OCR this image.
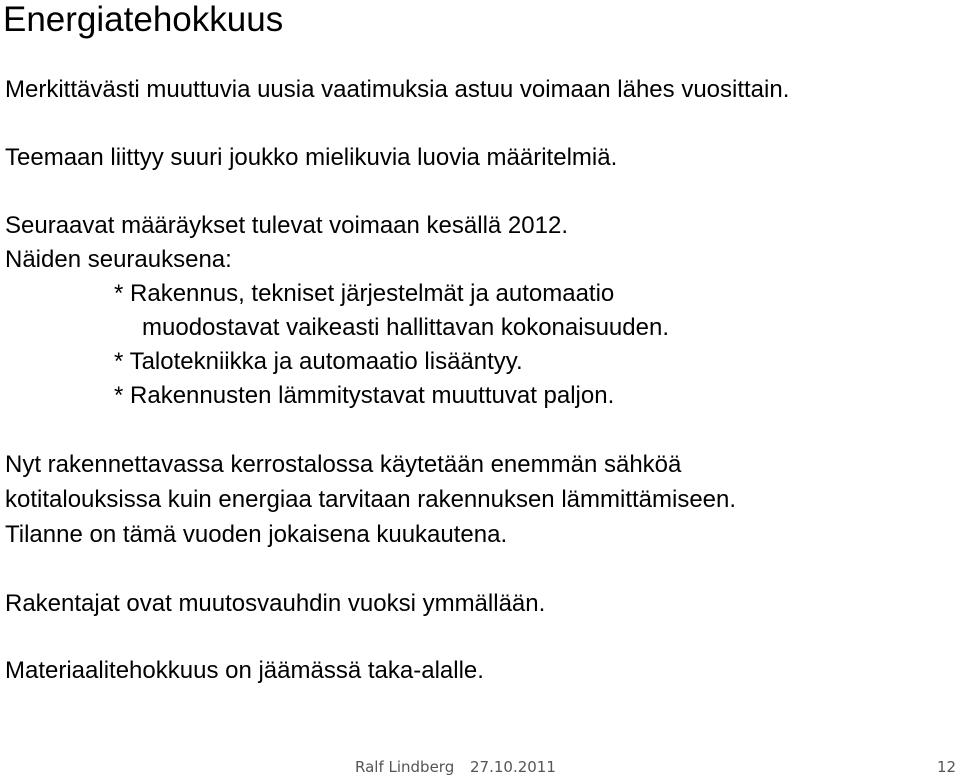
Energiatehokkuus
Merkittävästi muuttuvia uusia vaatimuksia astuu voimaan lähes vuosittain.
Teemaan liittyy suuri joukko mielikuvia luovia määritelmiä.
Seuraavat määräykset tulevat voimaan kesällä 2012.
Näiden seurauksena:
* Rakennus, tekniset järjestelmät ja automaatio
muodostavat vaikeasti hallittavan kokonaisuuden.
* Talotekniikka ja automaatio lisääntyy.
* Rakennusten lämmitystavat muuttuvat paljon.
Nyt rakennettavassa kerrostalossa käytetään enemmän sähköä
kotitalouksissa kuin energiaa tarvitaan rakennuksen lämmittämiseen.
Tilanne on tämä vuoden jokaisena kuukautena.
Rakentajat ovat muutosvauhdin vuoksi ymmällään.
Materiaalitehokkuus on jäämässä taka-alalle.
Ralf Lindberg 27.10.2011	12
